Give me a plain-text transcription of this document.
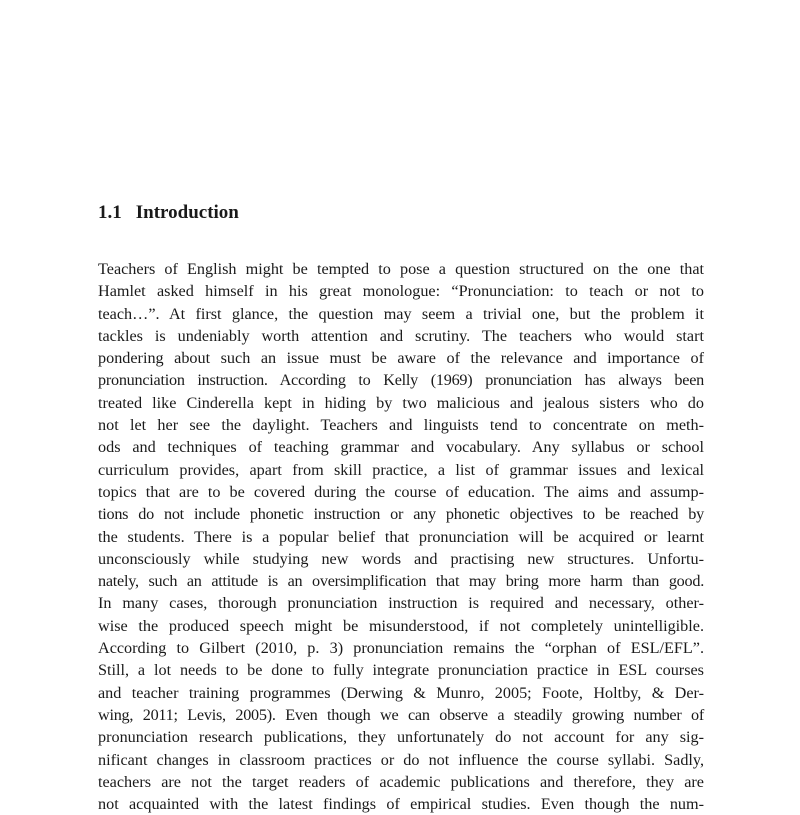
1.1 Introduction
Teachers of English might be tempted to pose a question structured on the one that
Hamlet asked himself in his great monologue: “Pronunciation: to teach or not to
teach…”. At first glance, the question may seem a trivial one, but the problem it
tackles is undeniably worth attention and scrutiny. The teachers who would start
pondering about such an issue must be aware of the relevance and importance of
pronunciation instruction. According to Kelly (1969) pronunciation has always been
treated like Cinderella kept in hiding by two malicious and jealous sisters who do
not let her see the daylight. Teachers and linguists tend to concentrate on meth-
ods and techniques of teaching grammar and vocabulary. Any syllabus or school
curriculum provides, apart from skill practice, a list of grammar issues and lexical
topics that are to be covered during the course of education. The aims and assump-
tions do not include phonetic instruction or any phonetic objectives to be reached by
the students. There is a popular belief that pronunciation will be acquired or learnt
unconsciously while studying new words and practising new structures. Unfortu-
nately, such an attitude is an oversimplification that may bring more harm than good.
In many cases, thorough pronunciation instruction is required and necessary, other-
wise the produced speech might be misunderstood, if not completely unintelligible.
According to Gilbert (2010, p. 3) pronunciation remains the “orphan of ESL/EFL”.
Still, a lot needs to be done to fully integrate pronunciation practice in ESL courses
and teacher training programmes (Derwing & Munro, 2005; Foote, Holtby, & Der-
wing, 2011; Levis, 2005). Even though we can observe a steadily growing number of
pronunciation research publications, they unfortunately do not account for any sig-
nificant changes in classroom practices or do not influence the course syllabi. Sadly,
teachers are not the target readers of academic publications and therefore, they are
not acquainted with the latest findings of empirical studies. Even though the num-
